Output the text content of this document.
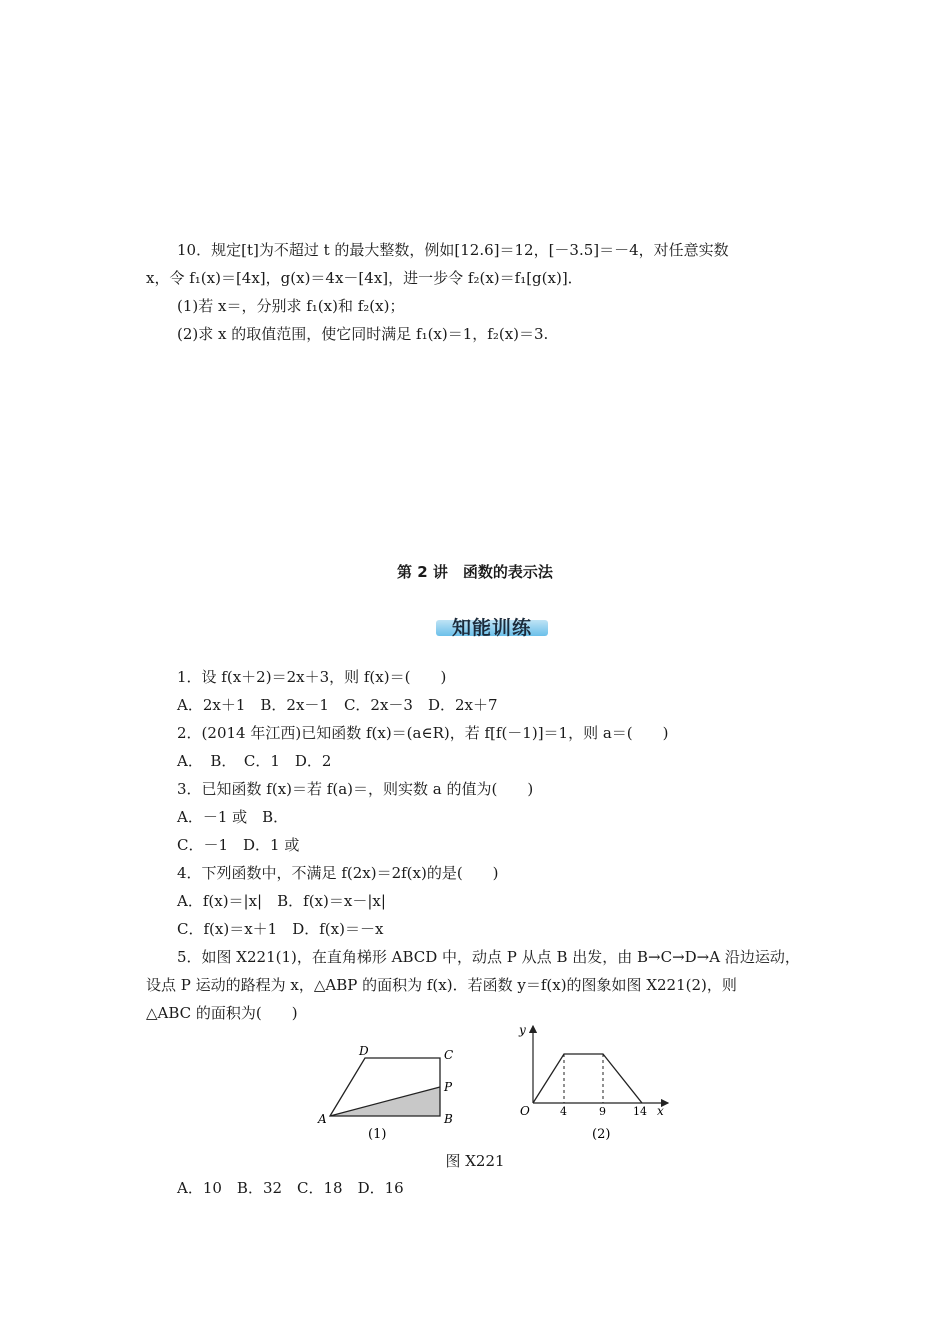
10．规定[t]为不超过 t 的最大整数，例如[12.6]＝12，[－3.5]＝－4，对任意实数
x，令 f₁(x)＝[4x]，g(x)＝4x－[4x]，进一步令 f₂(x)＝f₁[g(x)]．
(1)若 x＝，分别求 f₁(x)和 f₂(x)；
(2)求 x 的取值范围，使它同时满足 f₁(x)＝1，f₂(x)＝3.
第 2 讲　函数的表示法
知能训练
1．设 f(x＋2)＝2x＋3，则 f(x)＝(　　)
A．2x＋1　B．2x－1　C．2x－3　D．2x＋7
2．(2014 年江西)已知函数 f(x)＝(a∈R)，若 f[f(－1)]＝1，则 a＝(　　)
A．　B．　C．1　D．2
3．已知函数 f(x)＝若 f(a)＝，则实数 a 的值为(　　)
A．－1 或　B．
C．－1　D．1 或
4．下列函数中，不满足 f(2x)＝2f(x)的是(　　)
A．f(x)＝|x|　B．f(x)＝x－|x|
C．f(x)＝x＋1　D．f(x)＝－x
5．如图 X221(1)，在直角梯形 ABCD 中，动点 P 从点 B 出发，由 B→C→D→A 沿边运动，
设点 P 运动的路程为 x，△ABP 的面积为 f(x)．若函数 y＝f(x)的图象如图 X221(2)，则
△ABC 的面积为(　　)
A	B
C
D
P
(1)
y
x
O	4	9 14
(2)
图 X221
A．10　B．32　C．18　D．16
